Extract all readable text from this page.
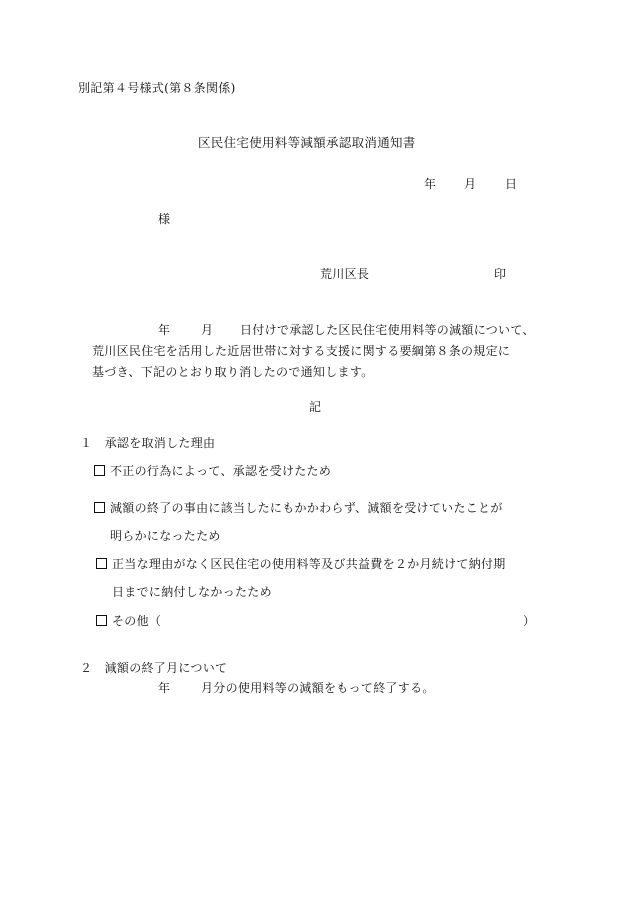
別記第４号様式(第８条関係)
区民住宅使用料等減額承認取消通知書
年 月 日
様
荒川区長	印
年	月 日付けで承認した区民住宅使用料等の減額について、
荒川区民住宅を活用した近居世帯に対する支援に関する要綱第８条の規定に
基づき、下記のとおり取り消したので通知します。
記
１　承認を取消した理由
不正の行為によって、承認を受けたため
減額の終了の事由に該当したにもかかわらず、減額を受けていたことが
明らかになったため
正当な理由がなく区民住宅の使用料等及び共益費を２か月続けて納付期
日までに納付しなかったため
その他（	）
２　減額の終了月について
年	月分の使用料等の減額をもって終了する。
